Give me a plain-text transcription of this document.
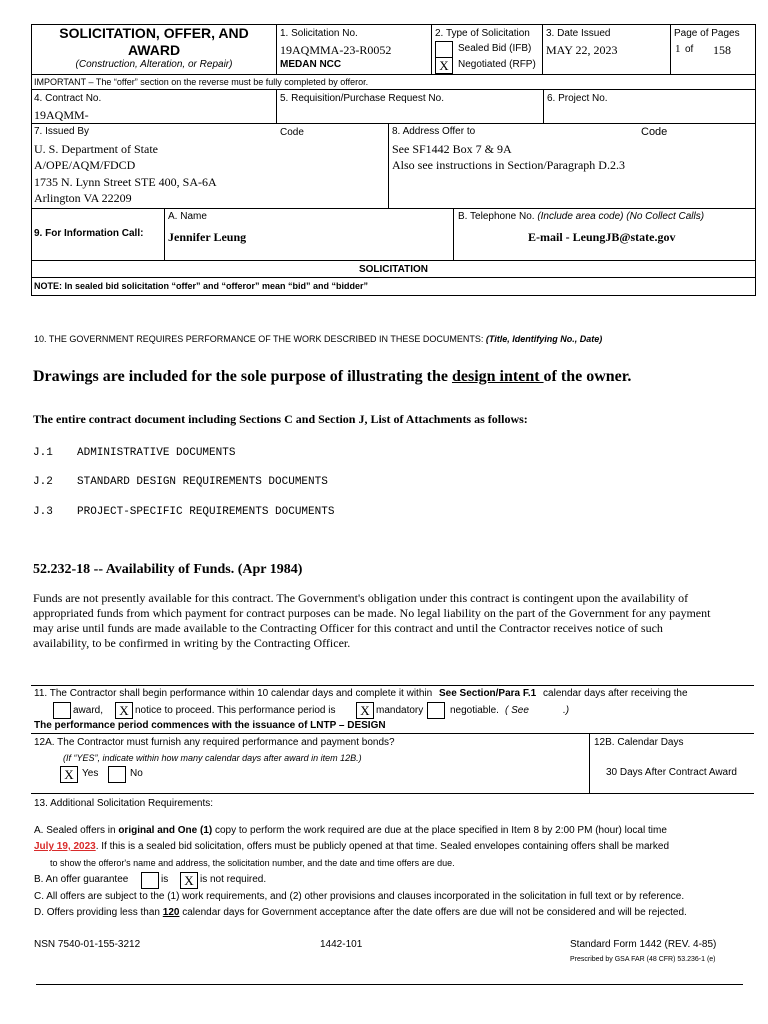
SOLICITATION, OFFER, AND AWARD
(Construction, Alteration, or Repair)
1. Solicitation No.
19AQMMA-23-R0052
MEDAN NCC
2. Type of Solicitation
Sealed Bid (IFB)
X Negotiated (RFP)
3. Date Issued
MAY 22, 2023
Page of Pages
1 of 158
IMPORTANT – The “offer” section on the reverse must be fully completed by offeror.
4. Contract No.
19AQMM-
5. Requisition/Purchase Request No.	6. Project No.
7. Issued By	Code
U. S. Department of State
A/OPE/AQM/FDCD
1735 N. Lynn Street STE 400, SA-6A
Arlington VA 22209
8. Address Offer to	Code
See SF1442 Box 7 & 9A
Also see instructions in Section/Paragraph D.2.3
9. For Information Call:
A. Name
Jennifer Leung
B. Telephone No. (Include area code) (No Collect Calls)
E-mail - LeungJB@state.gov
SOLICITATION
NOTE: In sealed bid solicitation “offer” and “offeror” mean “bid” and “bidder”
10. THE GOVERNMENT REQUIRES PERFORMANCE OF THE WORK DESCRIBED IN THESE DOCUMENTS: (Title, Identifying No., Date)
Drawings are included for the sole purpose of illustrating the design intent of the owner.
The entire contract document including Sections C and Section J, List of Attachments as follows:
J.1 ADMINISTRATIVE DOCUMENTS
J.2 STANDARD DESIGN REQUIREMENTS DOCUMENTS
J.3 PROJECT-SPECIFIC REQUIREMENTS DOCUMENTS
52.232-18 -- Availability of Funds. (Apr 1984)
Funds are not presently available for this contract. The Government's obligation under this contract is contingent upon the availability of
appropriated funds from which payment for contract purposes can be made. No legal liability on the part of the Government for any payment
may arise until funds are made available to the Contracting Officer for this contract and until the Contractor receives notice of such
availability, to be confirmed in writing by the Contracting Officer.
11. The Contractor shall begin performance within 10 calendar days and complete it within See Section/Para F.1 calendar days after receiving the
award,	X notice to proceed. This performance period is	X mandatory	negotiable. ( See	.)
The performance period commences with the issuance of LNTP – DESIGN
12A. The Contractor must furnish any required performance and payment bonds?
(If “YES”, indicate within how many calendar days after award in item 12B.)
X Yes	No
12B. Calendar Days
30 Days After Contract Award
13. Additional Solicitation Requirements:
A. Sealed offers in original and One (1) copy to perform the work required are due at the place specified in Item 8 by 2:00 PM (hour) local time
July 19, 2023. If this is a sealed bid solicitation, offers must be publicly opened at that time. Sealed envelopes containing offers shall be marked
to show the offeror's name and address, the solicitation number, and the date and time offers are due.
B. An offer guarantee	is	X is not required.
C. All offers are subject to the (1) work requirements, and (2) other provisions and clauses incorporated in the solicitation in full text or by reference.
D. Offers providing less than 120 calendar days for Government acceptance after the date offers are due will not be considered and will be rejected.
NSN 7540-01-155-3212	1442-101	Standard Form 1442 (REV. 4-85)
Prescribed by GSA FAR (48 CFR) 53.236-1 (e)
